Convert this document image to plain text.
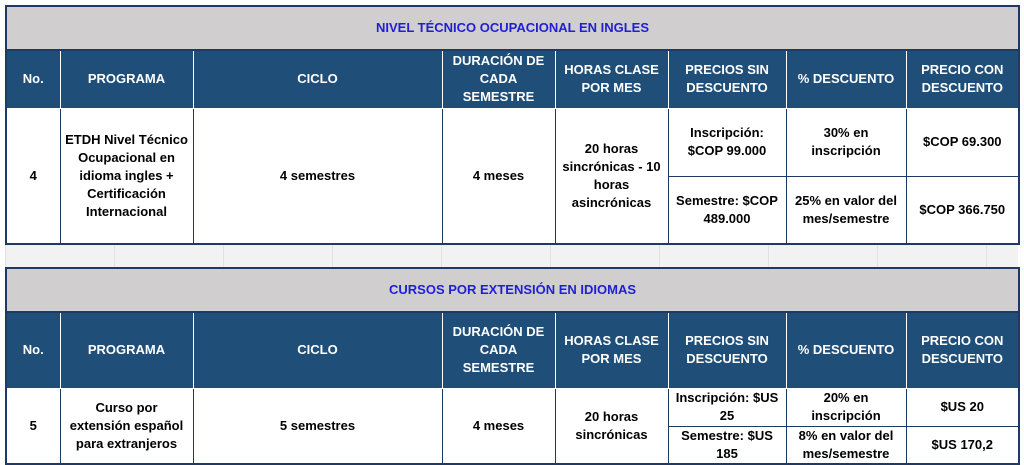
NIVEL TÉCNICO OCUPACIONAL EN INGLES							
No.	PROGRAMA	CICLO	DURACIÓN DE CADA SEMESTRE	HORAS CLASE POR MES	PRECIOS SIN DESCUENTO	% DESCUENTO	PRECIO CON DESCUENTO
4	ETDH Nivel Técnico Ocupacional en idioma ingles + Certificación Internacional	4 semestres	4 meses	20 horas sincrónicas - 10 horas asincrónicas	Inscripción: $COP 99.000	30% en inscripción	$COP 69.300
					Semestre: $COP 489.000	25% en valor del mes/semestre	$COP 366.750
CURSOS POR EXTENSIÓN EN IDIOMAS							
No.	PROGRAMA	CICLO	DURACIÓN DE CADA SEMESTRE	HORAS CLASE POR MES	PRECIOS SIN DESCUENTO	% DESCUENTO	PRECIO CON DESCUENTO
5	Curso por extensión español para extranjeros	5 semestres	4 meses	20 horas sincrónicas	Inscripción: $US 25	20% en inscripción	$US 20
					Semestre: $US 185	8% en valor del mes/semestre	$US 170,2
